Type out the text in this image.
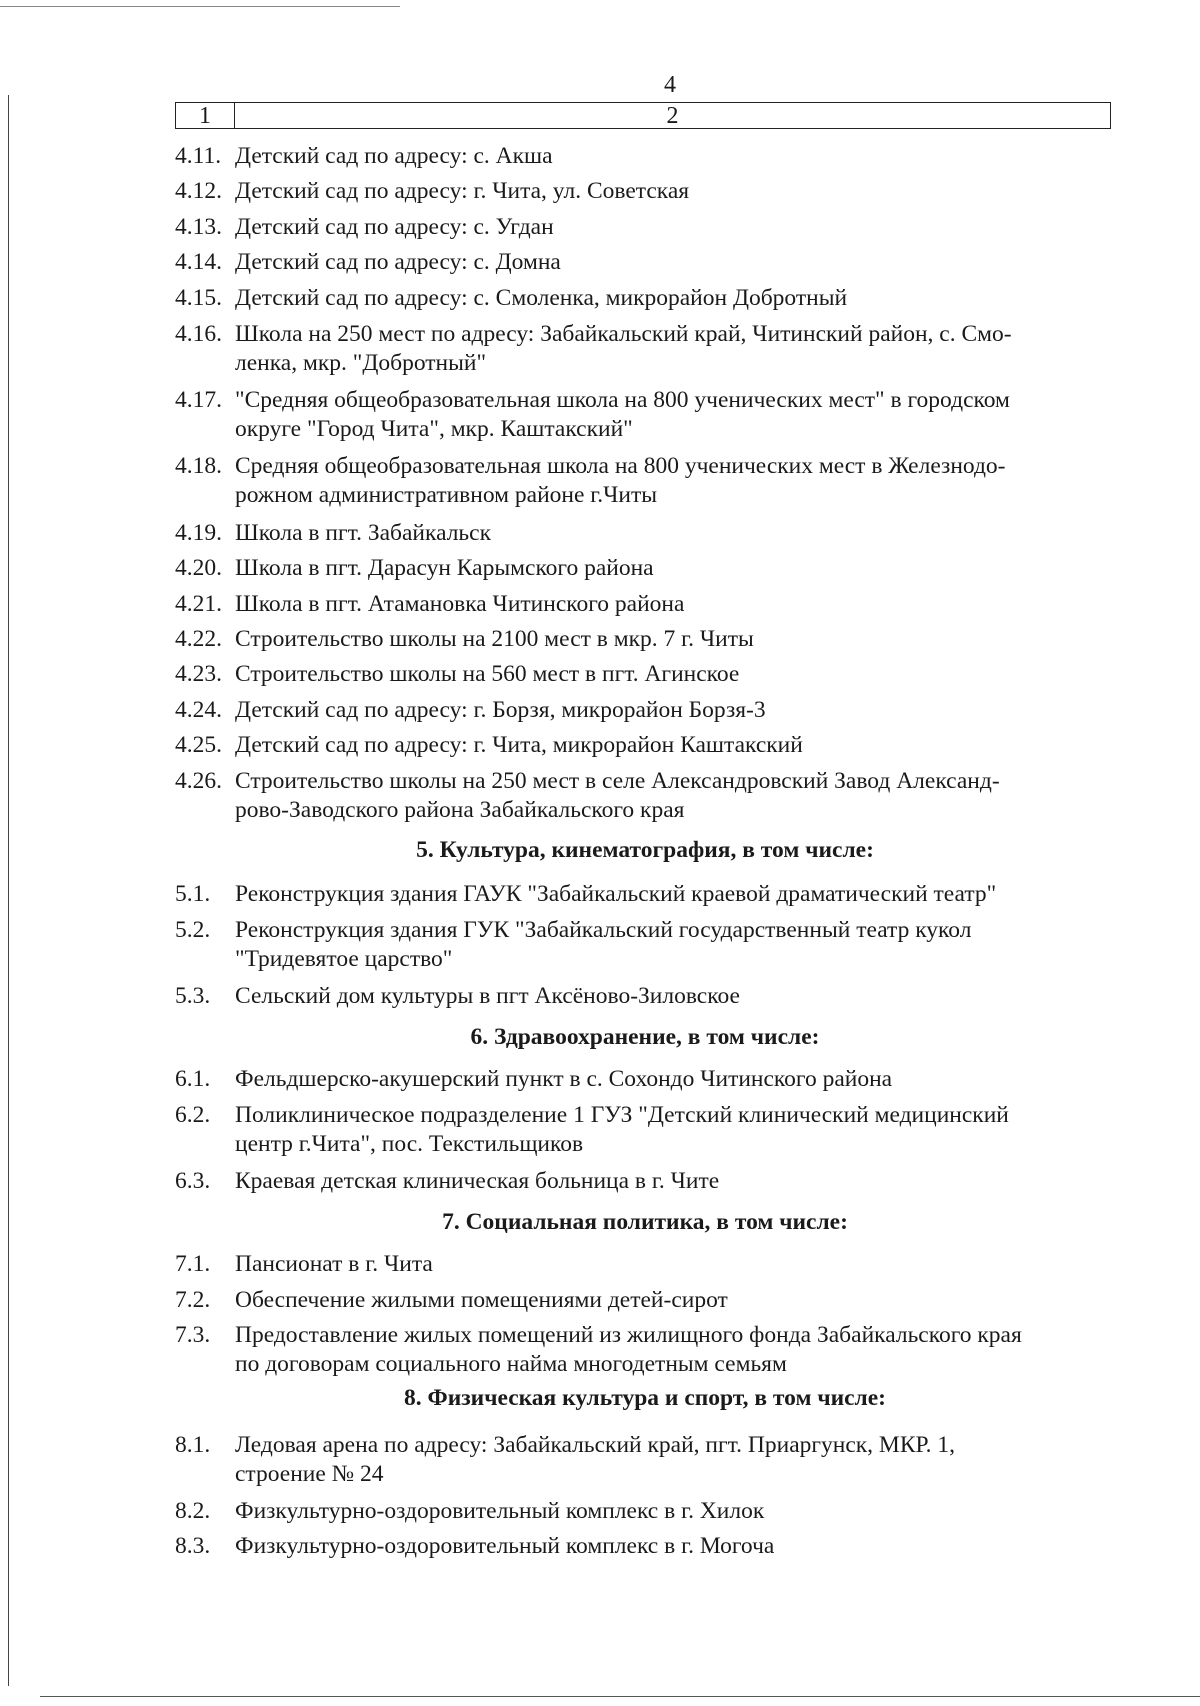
4
1	2
4.11. Детский сад по адресу: с. Акша
4.12. Детский сад по адресу: г. Чита, ул. Советская
4.13. Детский сад по адресу: с. Угдан
4.14. Детский сад по адресу: с. Домна
4.15. Детский сад по адресу: с. Смоленка, микрорайон Добротный
4.16. Школа на 250 мест по адресу: Забайкальский край, Читинский район, с. Смо-
ленка, мкр. "Добротный"
4.17. "Средняя общеобразовательная школа на 800 ученических мест" в городском
округе "Город Чита", мкр. Каштакский"
4.18. Средняя общеобразовательная школа на 800 ученических мест в Железнодо-
рожном административном районе г.Читы
4.19. Школа в пгт. Забайкальск
4.20. Школа в пгт. Дарасун Карымского района
4.21. Школа в пгт. Атамановка Читинского района
4.22. Строительство школы на 2100 мест в мкр. 7 г. Читы
4.23. Строительство школы на 560 мест в пгт. Агинское
4.24. Детский сад по адресу: г. Борзя, микрорайон Борзя-3
4.25. Детский сад по адресу: г. Чита, микрорайон Каштакский
4.26. Строительство школы на 250 мест в селе Александровский Завод Александ-
рово-Заводского района Забайкальского края
5. Культура, кинематография, в том числе:
5.1.	Реконструкция здания ГАУК "Забайкальский краевой драматический театр"
5.2.	Реконструкция здания ГУК "Забайкальский государственный театр кукол
"Тридевятое царство"
5.3.	Сельский дом культуры в пгт Аксёново-Зиловское
6. Здравоохранение, в том числе:
6.1.	Фельдшерско-акушерский пункт в с. Сохондо Читинского района
6.2.	Поликлиническое подразделение 1 ГУЗ "Детский клинический медицинский
центр г.Чита", пос. Текстильщиков
6.3.	Краевая детская клиническая больница в г. Чите
7. Социальная политика, в том числе:
7.1.	Пансионат в г. Чита
7.2.	Обеспечение жилыми помещениями детей-сирот
7.3.	Предоставление жилых помещений из жилищного фонда Забайкальского края
по договорам социального найма многодетным семьям
8. Физическая культура и спорт, в том числе:
8.1.	Ледовая арена по адресу: Забайкальский край, пгт. Приаргунск, МКР. 1,
строение № 24
8.2.	Физкультурно-оздоровительный комплекс в г. Хилок
8.3.	Физкультурно-оздоровительный комплекс в г. Могоча
